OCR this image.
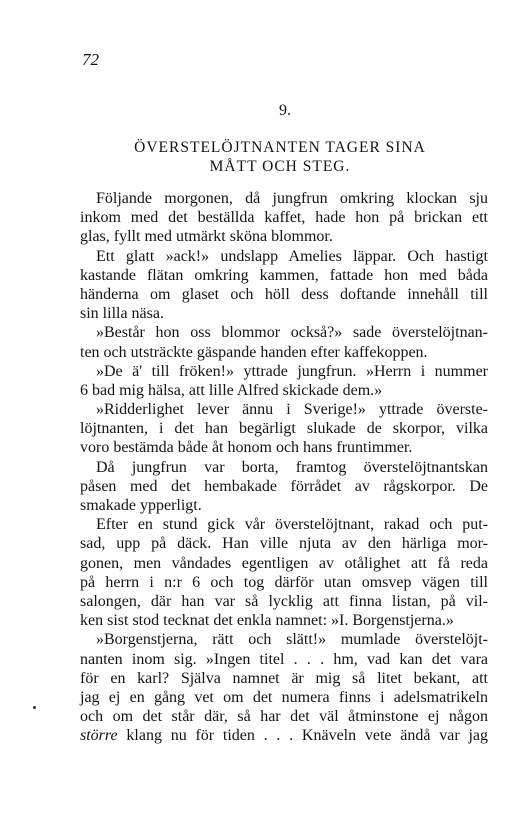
72
9.
ÖVERSTELÖJTNANTEN TAGER SINA
MÅTT OCH STEG.
Följande morgonen, då jungfrun omkring klockan sju
inkom med det beställda kaffet, hade hon på brickan ett
glas, fyllt med utmärkt sköna blommor.
Ett glatt »ack!» undslapp Amelies läppar. Och hastigt
kastande flätan omkring kammen, fattade hon med båda
händerna om glaset och höll dess doftande innehåll till
sin lilla näsa.
»Består hon oss blommor också?» sade överstelöjtnan-
ten och utsträckte gäspande handen efter kaffekoppen.
»De ä' till fröken!» yttrade jungfrun. »Herrn i nummer
6 bad mig hälsa, att lille Alfred skickade dem.»
»Ridderlighet lever ännu i Sverige!» yttrade överste-
löjtnanten, i det han begärligt slukade de skorpor, vilka
voro bestämda både åt honom och hans fruntimmer.
Då jungfrun var borta, framtog överstelöjtnantskan
påsen med det hembakade förrådet av rågskorpor. De
smakade ypperligt.
Efter en stund gick vår överstelöjtnant, rakad och put-
sad, upp på däck. Han ville njuta av den härliga mor-
gonen, men våndades egentligen av otålighet att få reda
på herrn i n:r 6 och tog därför utan omsvep vägen till
salongen, där han var så lycklig att finna listan, på vil-
ken sist stod tecknat det enkla namnet: »I. Borgenstjerna.»
»Borgenstjerna, rätt och slätt!» mumlade överstelöjt-
nanten inom sig. »Ingen titel . . . hm, vad kan det vara
för en karl? Själva namnet är mig så litet bekant, att
jag ej en gång vet om det numera finns i adelsmatrikeln
och om det står där, så har det väl åtminstone ej någon
större klang nu för tiden . . . Knäveln vete ändå var jag
